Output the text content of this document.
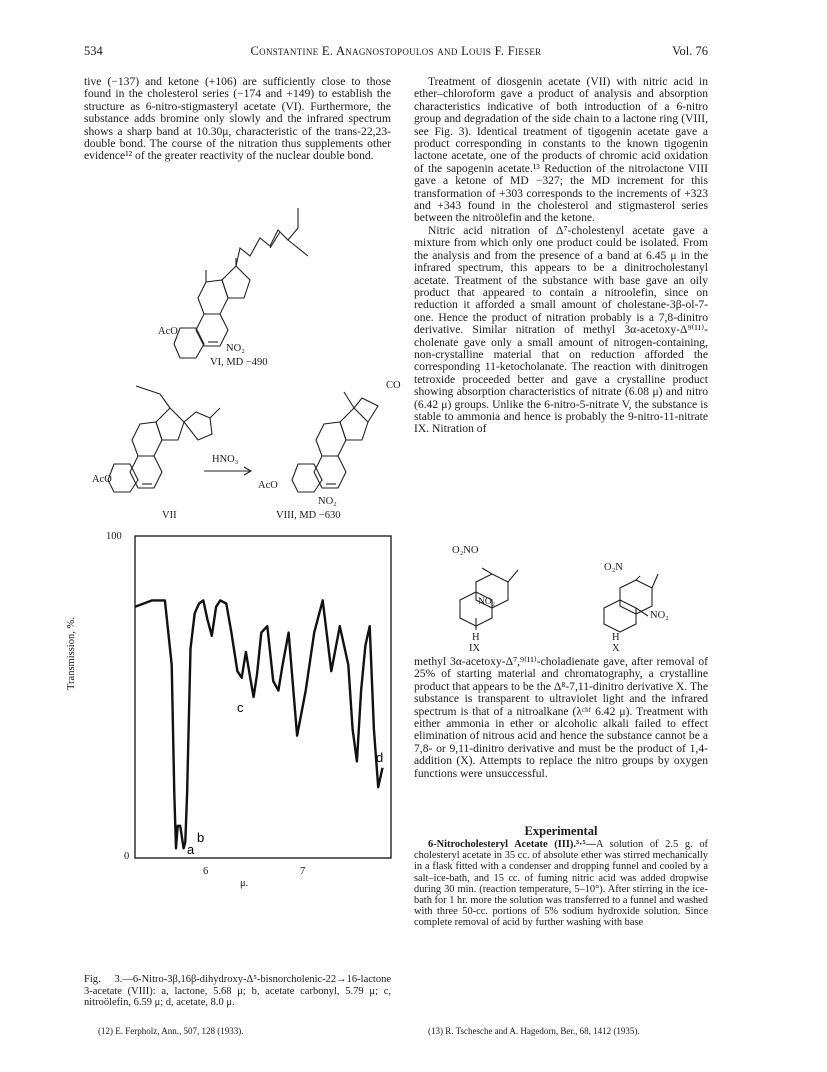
534	Constantine E. Anagnostopoulos and Louis F. Fieser	Vol. 76

tive (−137) and ketone (+106) are sufficiently close to those found in the cholesterol series (−174 and +149) to establish the structure as 6-nitro-stigmasteryl acetate (VI). Furthermore, the substance adds bromine only slowly and the infrared spectrum shows a sharp band at 10.30μ, characteristic of the trans-22,23-double bond. The course of the nitration thus supplements other evidence¹² of the greater reactivity of the nuclear double bond.

AcO
NO₂
VI, MD −490
AcO
VII
HNO₃
CO
AcO
NO₂
VIII, MD −630
100
0
Transmission, %.
6	7
μ.
a
b
c
d
Fig. 3.—6-Nitro-3β,16β-dihydroxy-Δ⁵-bisnorcholenic-22→16-lactone 3-acetate (VIII): a, lactone, 5.68 μ; b, acetate carbonyl, 5.79 μ; c, nitroölefin, 6.59 μ; d, acetate, 8.0 μ.
(12) E. Ferpholz, Ann., 507, 128 (1933).

Treatment of diosgenin acetate (VII) with nitric acid in ether–chloroform gave a product of analysis and absorption characteristics indicative of both introduction of a 6-nitro group and degradation of the side chain to a lactone ring (VIII, see Fig. 3). Identical treatment of tigogenin acetate gave a product corresponding in constants to the known tigogenin lactone acetate, one of the products of chromic acid oxidation of the sapogenin acetate.¹³ Reduction of the nitrolactone VIII gave a ketone of MD −327; the MD increment for this transformation of +303 corresponds to the increments of +323 and +343 found in the cholesterol and stigmasterol series between the nitroölefin and the ketone.

Nitric acid nitration of Δ⁷-cholestenyl acetate gave a mixture from which only one product could be isolated. From the analysis and from the presence of a band at 6.45 μ in the infrared spectrum, this appears to be a dinitrocholestanyl acetate. Treatment of the substance with base gave an oily product that appeared to contain a nitroolefin, since on reduction it afforded a small amount of cholestane-3β-ol-7-one. Hence the product of nitration probably is a 7,8-dinitro derivative. Similar nitration of methyl 3α-acetoxy-Δ⁹⁽¹¹⁾-cholenate gave only a small amount of nitrogen-containing, non-crystalline material that on reduction afforded the corresponding 11-ketocholanate. The reaction with dinitrogen tetroxide proceeded better and gave a crystalline product showing absorption characteristics of nitrate (6.08 μ) and nitro (6.42 μ) groups. Unlike the 6-nitro-5-nitrate V, the substance is stable to ammonia and hence is probably the 9-nitro-11-nitrate IX. Nitration of

O₂NO
NO₂
H
IX
O₂N
NO₂
H
X

methyl 3α-acetoxy-Δ⁷,⁹⁽¹¹⁾-choladienate gave, after removal of 25% of starting material and chromatography, a crystalline product that appears to be the Δ⁸-7,11-dinitro derivative X. The substance is transparent to ultraviolet light and the infrared spectrum is that of a nitroalkane (λᶜʰᶠ 6.42 μ). Treatment with either ammonia in ether or alcoholic alkali failed to effect elimination of nitrous acid and hence the substance cannot be a 7,8- or 9,11-dinitro derivative and must be the product of 1,4-addition (X). Attempts to replace the nitro groups by oxygen functions were unsuccessful.

Experimental

6-Nitrocholesteryl Acetate (III).³·⁵—A solution of 2.5 g. of cholesteryl acetate in 35 cc. of absolute ether was stirred mechanically in a flask fitted with a condenser and dropping funnel and cooled by a salt–ice-bath, and 15 cc. of fuming nitric acid was added dropwise during 30 min. (reaction temperature, 5–10°). After stirring in the ice-bath for 1 hr. more the solution was transferred to a funnel and washed with three 50-cc. portions of 5% sodium hydroxide solution. Since complete removal of acid by further washing with base

(13) R. Tschesche and A. Hagedorn, Ber., 68, 1412 (1935).
